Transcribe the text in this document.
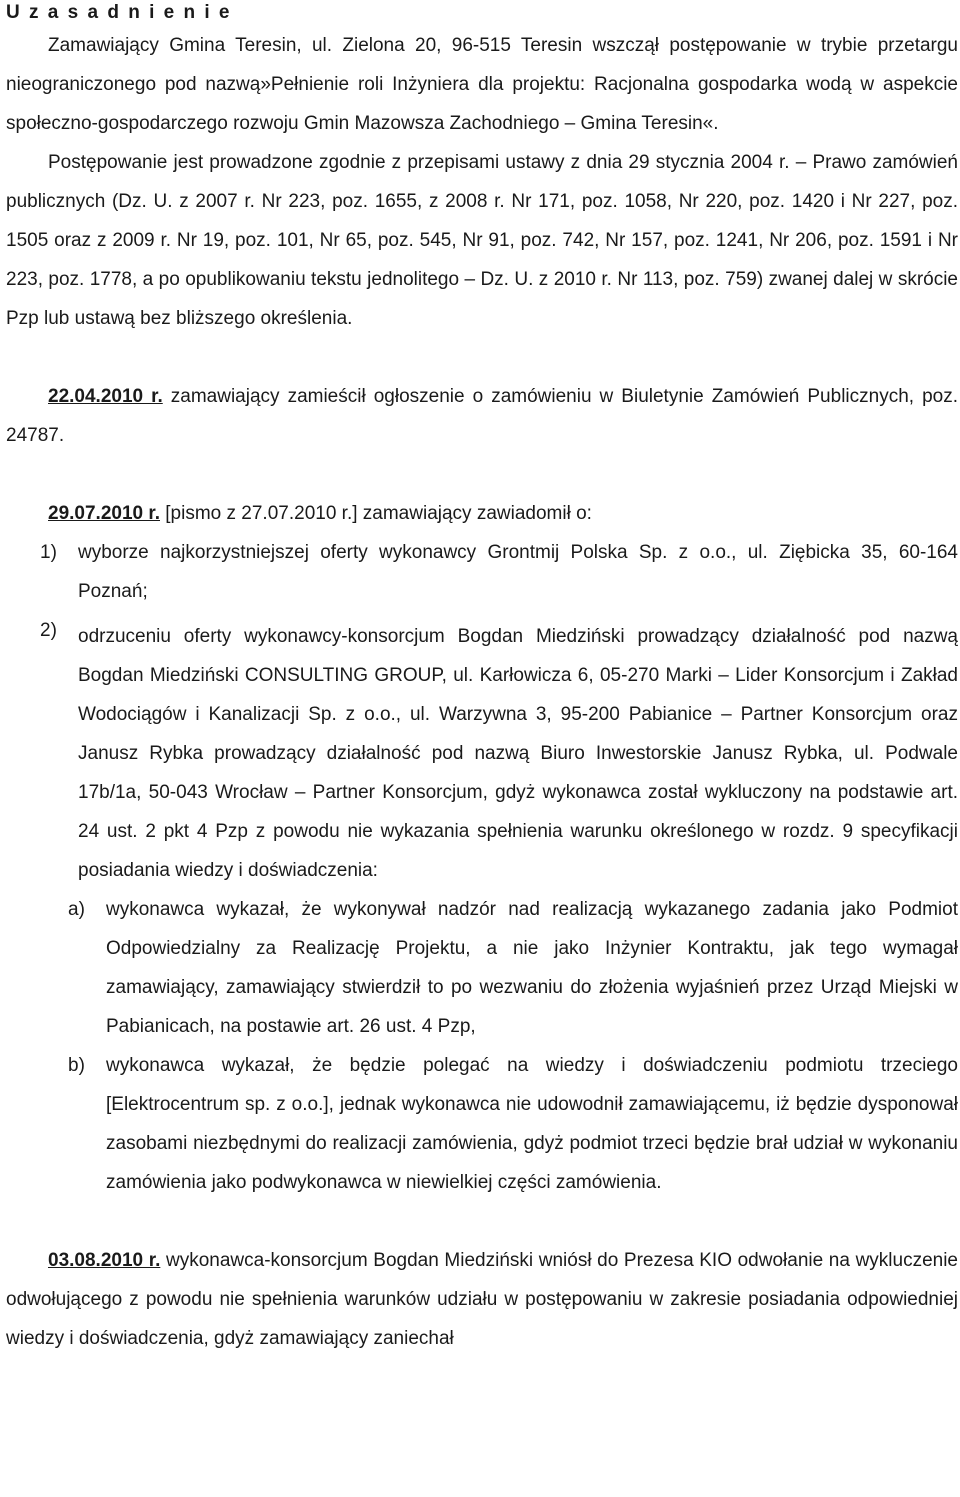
U z a s a d n i e n i e

Zamawiający Gmina Teresin, ul. Zielona 20, 96-515 Teresin wszczął postępowanie w trybie przetargu nieograniczonego pod nazwą»Pełnienie roli Inżyniera dla projektu: Racjonalna gospodarka wodą w aspekcie społeczno-gospodarczego rozwoju Gmin Mazowsza Zachodniego – Gmina Teresin«.

Postępowanie jest prowadzone zgodnie z przepisami ustawy z dnia 29 stycznia 2004 r. – Prawo zamówień publicznych (Dz. U. z 2007 r. Nr 223, poz. 1655, z 2008 r. Nr 171, poz. 1058, Nr 220, poz. 1420 i Nr 227, poz. 1505 oraz z 2009 r. Nr 19, poz. 101, Nr 65, poz. 545, Nr 91, poz. 742, Nr 157, poz. 1241, Nr 206, poz. 1591 i Nr 223, poz. 1778, a po opublikowaniu tekstu jednolitego – Dz. U. z 2010 r. Nr 113, poz. 759) zwanej dalej w skrócie Pzp lub ustawą bez bliższego określenia.

22.04.2010 r. zamawiający zamieścił ogłoszenie o zamówieniu w Biuletynie Zamówień Publicznych, poz. 24787.

29.07.2010 r. [pismo z 27.07.2010 r.] zamawiający zawiadomił o:

1) wyborze najkorzystniejszej oferty wykonawcy Grontmij Polska Sp. z o.o., ul. Ziębicka 35, 60-164 Poznań;
2) odrzuceniu oferty wykonawcy-konsorcjum Bogdan Miedziński prowadzący działalność pod nazwą Bogdan Miedziński CONSULTING GROUP, ul. Karłowicza 6, 05-270 Marki – Lider Konsorcjum i Zakład Wodociągów i Kanalizacji Sp. z o.o., ul. Warzywna 3, 95-200 Pabianice – Partner Konsorcjum oraz Janusz Rybka prowadzący działalność pod nazwą Biuro Inwestorskie Janusz Rybka, ul. Podwale 17b/1a, 50-043 Wrocław – Partner Konsorcjum, gdyż wykonawca został wykluczony na podstawie art. 24 ust. 2 pkt 4 Pzp z powodu nie wykazania spełnienia warunku określonego w rozdz. 9 specyfikacji posiadania wiedzy i doświadczenia:
a) wykonawca wykazał, że wykonywał nadzór nad realizacją wykazanego zadania jako Podmiot Odpowiedzialny za Realizację Projektu, a nie jako Inżynier Kontraktu, jak tego wymagał zamawiający, zamawiający stwierdził to po wezwaniu do złożenia wyjaśnień przez Urząd Miejski w Pabianicach, na postawie art. 26 ust. 4 Pzp,
b) wykonawca wykazał, że będzie polegać na wiedzy i doświadczeniu podmiotu trzeciego [Elektrocentrum sp. z o.o.], jednak wykonawca nie udowodnił zamawiającemu, iż będzie dysponował zasobami niezbędnymi do realizacji zamówienia, gdyż podmiot trzeci będzie brał udział w wykonaniu zamówienia jako podwykonawca w niewielkiej części zamówienia.

03.08.2010 r. wykonawca-konsorcjum Bogdan Miedziński wniósł do Prezesa KIO odwołanie na wykluczenie odwołującego z powodu nie spełnienia warunków udziału w postępowaniu w zakresie posiadania odpowiedniej wiedzy i doświadczenia, gdyż zamawiający zaniechał
